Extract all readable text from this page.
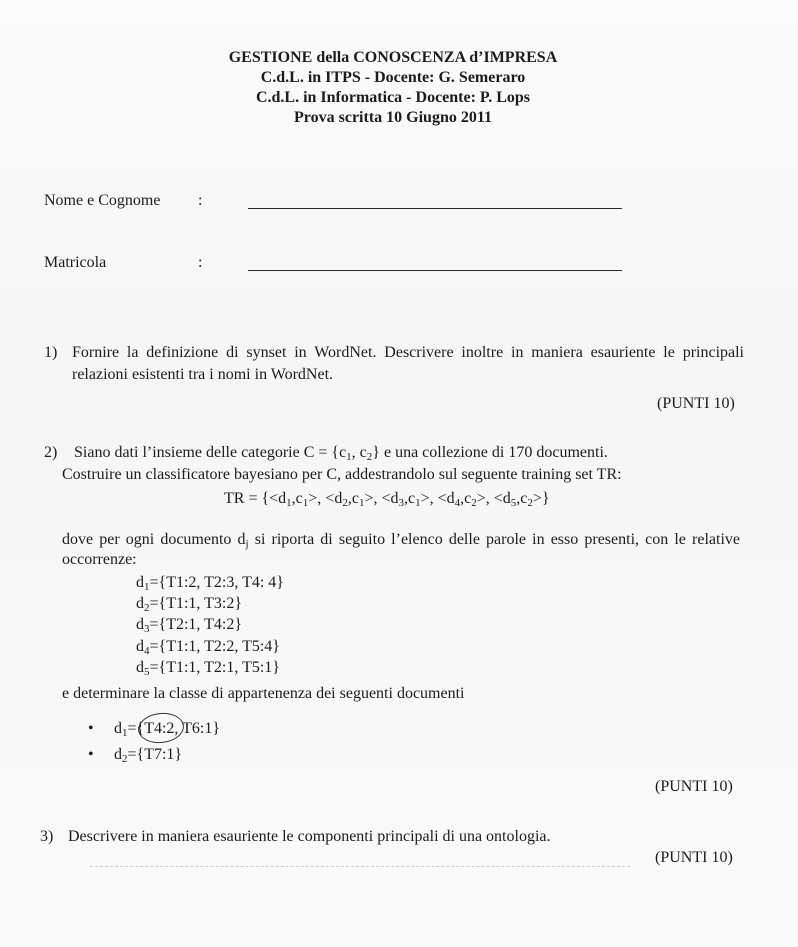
GESTIONE della CONOSCENZA d’IMPRESA
C.d.L. in ITPS - Docente: G. Semeraro
C.d.L. in Informatica - Docente: P. Lops
Prova scritta 10 Giugno 2011
Nome e Cognome :
Matricola	:
1) Fornire la definizione di synset in WordNet. Descrivere inoltre in maniera esauriente le principali relazioni esistenti tra i nomi in WordNet.
(PUNTI 10)
2) Siano dati l’insieme delle categorie $C = \{c_1$, $c_2$} e una collezione di 170 documenti.
Costruire un classificatore bayesiano per C, addestrandolo sul seguente training set TR:
TR = {$<d_1,c_1>$, $<d_2,c_1>$, $<d_3,c_1>$, $<d_4,c_2>$, $<d_5,c_2>$}
dove per ogni documento $d_j$ si riporta di seguito l’elenco delle parole in esso presenti, con le relative occorrenze:
$d_1=\{T1:2$, T2:3, T4: 4}
$d_2=\{T1:1$, T3:2}
$d_3=\{T2:1$, T4:2}
$d_4=\{T1:1$, T2:2, T5:4}
$d_5=\{T1:1$, T2:1, T5:1}
e determinare la classe di appartenenza dei seguenti documenti
• $d_1=\{T4:2$, T6:1}
• $d_2=\{T7:1\}$
(PUNTI 10)
3) Descrivere in maniera esauriente le componenti principali di una ontologia.
(PUNTI 10)
